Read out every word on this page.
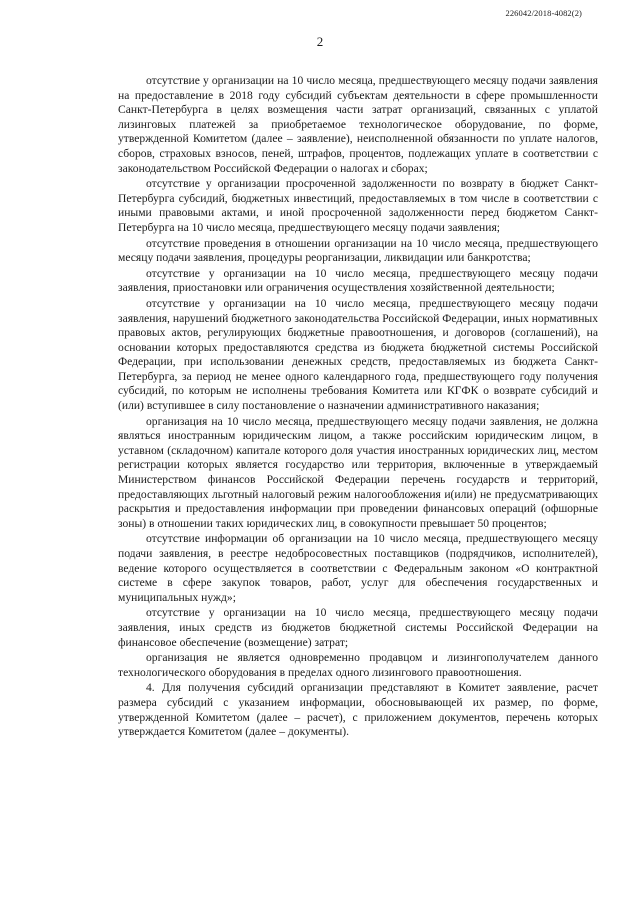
226042/2018-4082(2)
2

отсутствие у организации на 10 число месяца, предшествующего месяцу подачи заявления на предоставление в 2018 году субсидий субъектам деятельности в сфере промышленности Санкт-Петербурга в целях возмещения части затрат организаций, связанных с уплатой лизинговых платежей за приобретаемое технологическое оборудование, по форме, утвержденной Комитетом (далее – заявление), неисполненной обязанности по уплате налогов, сборов, страховых взносов, пеней, штрафов, процентов, подлежащих уплате в соответствии с законодательством Российской Федерации о налогах и сборах;

отсутствие у организации просроченной задолженности по возврату в бюджет Санкт-Петербурга субсидий, бюджетных инвестиций, предоставляемых в том числе в соответствии с иными правовыми актами, и иной просроченной задолженности перед бюджетом Санкт-Петербурга на 10 число месяца, предшествующего месяцу подачи заявления;

отсутствие проведения в отношении организации на 10 число месяца, предшествующего месяцу подачи заявления, процедуры реорганизации, ликвидации или банкротства;

отсутствие у организации на 10 число месяца, предшествующего месяцу подачи заявления, приостановки или ограничения осуществления хозяйственной деятельности;

отсутствие у организации на 10 число месяца, предшествующего месяцу подачи заявления, нарушений бюджетного законодательства Российской Федерации, иных нормативных правовых актов, регулирующих бюджетные правоотношения, и договоров (соглашений), на основании которых предоставляются средства из бюджета бюджетной системы Российской Федерации, при использовании денежных средств, предоставляемых из бюджета Санкт-Петербурга, за период не менее одного календарного года, предшествующего году получения субсидий, по которым не исполнены требования Комитета или КГФК о возврате субсидий и (или) вступившее в силу постановление о назначении административного наказания;

организация на 10 число месяца, предшествующего месяцу подачи заявления, не должна являться иностранным юридическим лицом, а также российским юридическим лицом, в уставном (складочном) капитале которого доля участия иностранных юридических лиц, местом регистрации которых является государство или территория, включенные в утверждаемый Министерством финансов Российской Федерации перечень государств и территорий, предоставляющих льготный налоговый режим налогообложения и(или) не предусматривающих раскрытия и предоставления информации при проведении финансовых операций (офшорные зоны) в отношении таких юридических лиц, в совокупности превышает 50 процентов;

отсутствие информации об организации на 10 число месяца, предшествующего месяцу подачи заявления, в реестре недобросовестных поставщиков (подрядчиков, исполнителей), ведение которого осуществляется в соответствии с Федеральным законом «О контрактной системе в сфере закупок товаров, работ, услуг для обеспечения государственных и муниципальных нужд»;

отсутствие у организации на 10 число месяца, предшествующего месяцу подачи заявления, иных средств из бюджетов бюджетной системы Российской Федерации на финансовое обеспечение (возмещение) затрат;

организация не является одновременно продавцом и лизингополучателем данного технологического оборудования в пределах одного лизингового правоотношения.

4. Для получения субсидий организации представляют в Комитет заявление, расчет размера субсидий с указанием информации, обосновывающей их размер, по форме, утвержденной Комитетом (далее – расчет), с приложением документов, перечень которых утверждается Комитетом (далее – документы).
